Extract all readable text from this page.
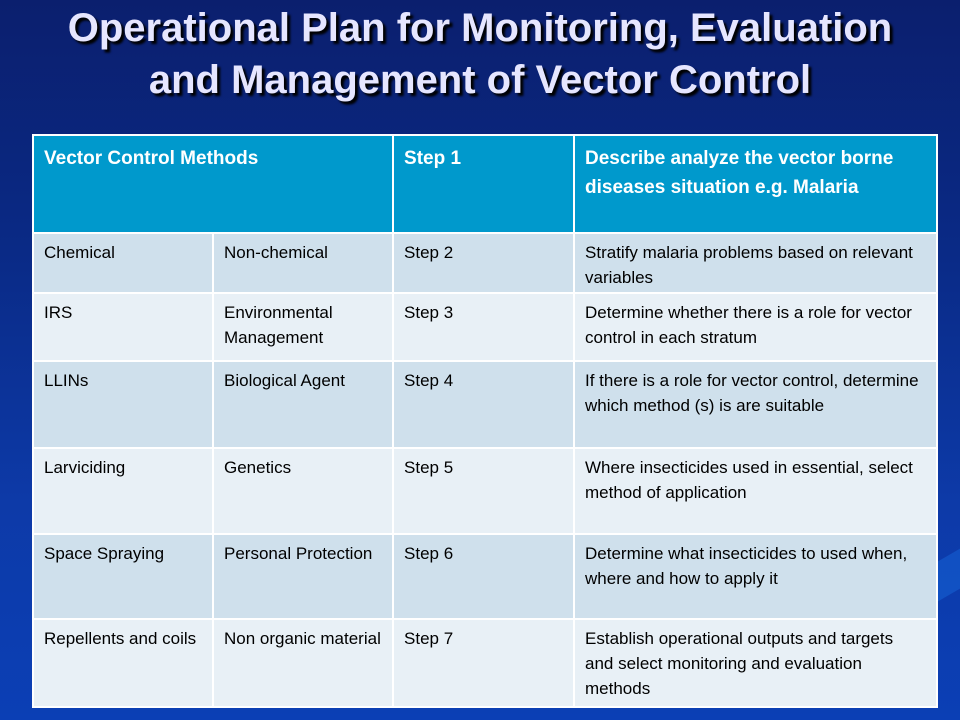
Operational Plan for Monitoring, Evaluation and Management of Vector Control
Vector Control Methods		Step 1	Describe analyze the vector borne diseases situation e.g. Malaria
Chemical	Non-chemical	Step 2	Stratify malaria problems based on relevant variables
IRS	Environmental Management	Step 3	Determine whether there is a role for vector control in each stratum
LLINs	Biological Agent	Step 4	If there is a role for vector control, determine which method (s) is are suitable
Larviciding	Genetics	Step 5	Where insecticides used in essential, select method of application
Space Spraying	Personal Protection	Step 6	Determine what insecticides to used when, where and how to apply it
Repellents and coils	Non organic material	Step 7	Establish operational outputs and targets and select monitoring and evaluation methods
